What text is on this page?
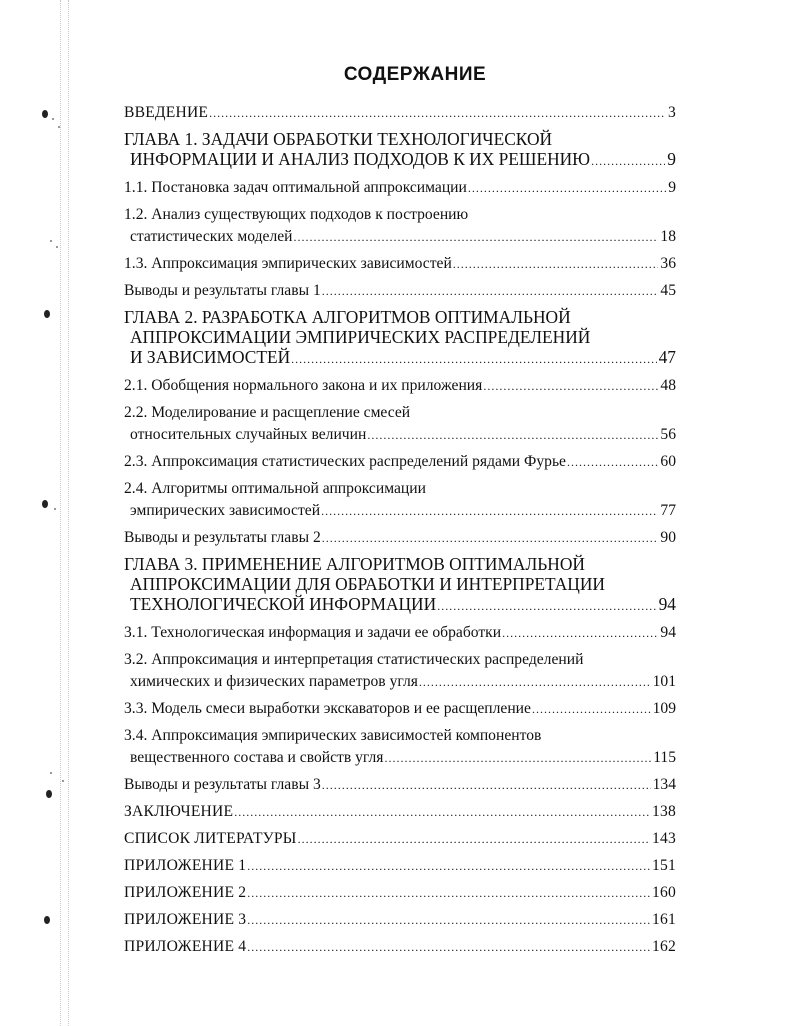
СОДЕРЖАНИЕ
ВВЕДЕНИЕ .....	3
ГЛАВА 1. ЗАДАЧИ ОБРАБОТКИ ТЕХНОЛОГИЧЕСКОЙ
ИНФОРМАЦИИ И АНАЛИЗ ПОДХОДОВ К ИХ РЕШЕНИЮ .....	9
1.1. Постановка задач оптимальной аппроксимации .....	9
1.2. Анализ существующих подходов к построению
статистических моделей .....	18
1.3. Аппроксимация эмпирических зависимостей .....	36
Выводы и результаты главы 1 .....	45
ГЛАВА 2. РАЗРАБОТКА АЛГОРИТМОВ ОПТИМАЛЬНОЙ
АППРОКСИМАЦИИ ЭМПИРИЧЕСКИХ РАСПРЕДЕЛЕНИЙ
И ЗАВИСИМОСТЕЙ .....	47
2.1. Обобщения нормального закона и их приложения .....	48
2.2. Моделирование и расщепление смесей
относительных случайных величин .....	56
2.3. Аппроксимация статистических распределений рядами Фурье .....	60
2.4. Алгоритмы оптимальной аппроксимации
эмпирических зависимостей .....	77
Выводы и результаты главы 2 .....	90
ГЛАВА 3. ПРИМЕНЕНИЕ АЛГОРИТМОВ ОПТИМАЛЬНОЙ
АППРОКСИМАЦИИ ДЛЯ ОБРАБОТКИ И ИНТЕРПРЕТАЦИИ
ТЕХНОЛОГИЧЕСКОЙ ИНФОРМАЦИИ .....	94
3.1. Технологическая информация и задачи ее обработки .....	94
3.2. Аппроксимация и интерпретация статистических распределений
химических и физических параметров угля .....	101
3.3. Модель смеси выработки экскаваторов и ее расщепление .....	109
3.4. Аппроксимация эмпирических зависимостей компонентов
вещественного состава и свойств угля .....	115
Выводы и результаты главы 3 .....	134
ЗАКЛЮЧЕНИЕ .....	138
СПИСОК ЛИТЕРАТУРЫ .....	143
ПРИЛОЖЕНИЕ 1 .....	151
ПРИЛОЖЕНИЕ 2 .....	160
ПРИЛОЖЕНИЕ 3 .....	161
ПРИЛОЖЕНИЕ 4 .....	162
